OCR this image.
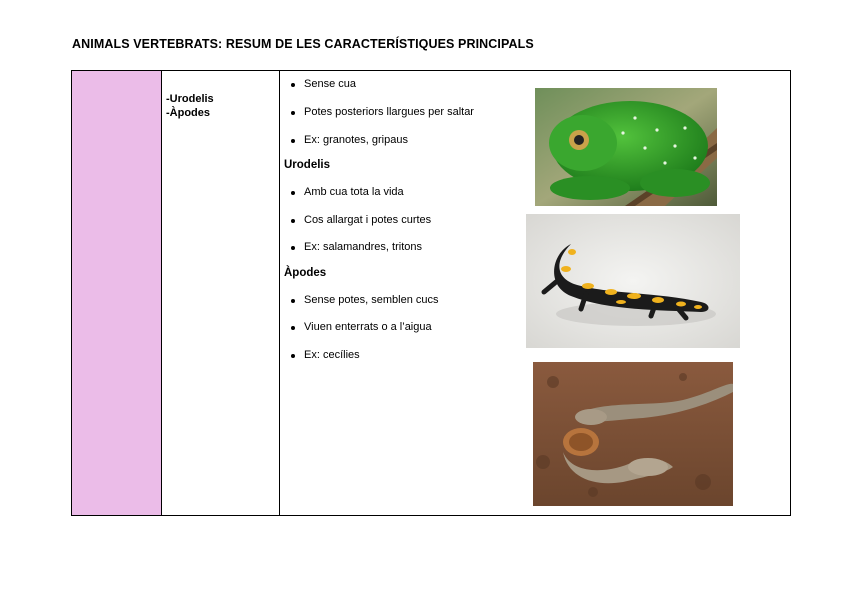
ANIMALS VERTEBRATS: RESUM DE LES CARACTERÍSTIQUES PRINCIPALS
-Urodelis
-Àpodes
Sense cua
Potes posteriors llargues per saltar
Ex: granotes, gripaus
Urodelis
Amb cua tota la vida
Cos allargat i potes curtes
Ex: salamandres, tritons
Àpodes
Sense potes, semblen cucs
Viuen enterrats o a l’aigua
Ex: cecílies
